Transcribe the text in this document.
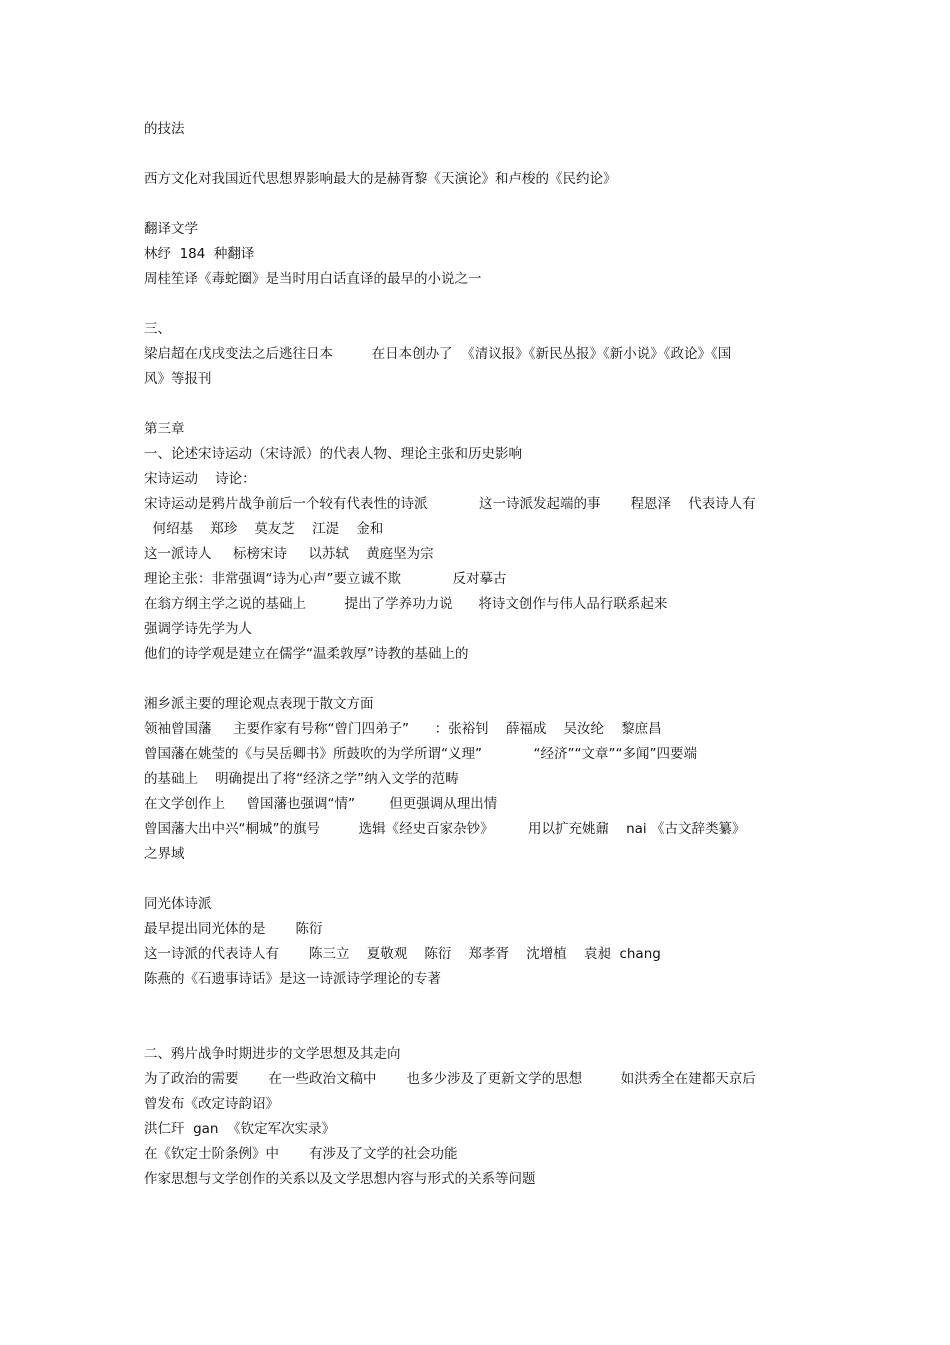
的技法
西方文化对我国近代思想界影响最大的是赫胥黎《天演论》和卢梭的《民约论》
翻译文学
林纾  184  种翻译
周桂笙译《毒蛇圈》是当时用白话直译的最早的小说之一
三、
梁启超在戊戌变法之后逃往日本         在日本创办了  《清议报》《新民丛报》《新小说》《政论》《国
风》等报刊
第三章
一、论述宋诗运动（宋诗派）的代表人物、理论主张和历史影响
宋诗运动    诗论：
宋诗运动是鸦片战争前后一个较有代表性的诗派            这一诗派发起端的事       程恩泽    代表诗人有
何绍基    郑珍    莫友芝    江湜    金和
这一派诗人     标榜宋诗     以苏轼    黄庭坚为宗
理论主张：非常强调“诗为心声”要立诚不欺            反对摹古
在翁方纲主学之说的基础上         提出了学养功力说      将诗文创作与伟人品行联系起来
强调学诗先学为人
他们的诗学观是建立在儒学“温柔敦厚”诗教的基础上的
湘乡派主要的理论观点表现于散文方面
领袖曾国藩     主要作家有号称“曾门四弟子”      ：张裕钊    薛福成    吴汝纶    黎庶昌
曾国藩在姚莹的《与吴岳卿书》所鼓吹的为学所谓“义理”            “经济”“文章”“多闻”四要端
的基础上    明确提出了将“经济之学”纳入文学的范畴
在文学创作上     曾国藩也强调“情”        但更强调从理出情
曾国藩大出中兴“桐城”的旗号         选辑《经史百家杂钞》        用以扩充姚鼐    nai 《古文辞类纂》
之界域
同光体诗派
最早提出同光体的是       陈衍
这一诗派的代表诗人有       陈三立    夏敬观    陈衍    郑孝胥    沈增植    袁昶  chang
陈燕的《石遗事诗话》是这一诗派诗学理论的专著
二、鸦片战争时期进步的文学思想及其走向
为了政治的需要       在一些政治文稿中       也多少涉及了更新文学的思想         如洪秀全在建都天京后
曾发布《改定诗韵诏》
洪仁玕  gan  《钦定军次实录》
在《钦定士阶条例》中       有涉及了文学的社会功能
作家思想与文学创作的关系以及文学思想内容与形式的关系等问题
